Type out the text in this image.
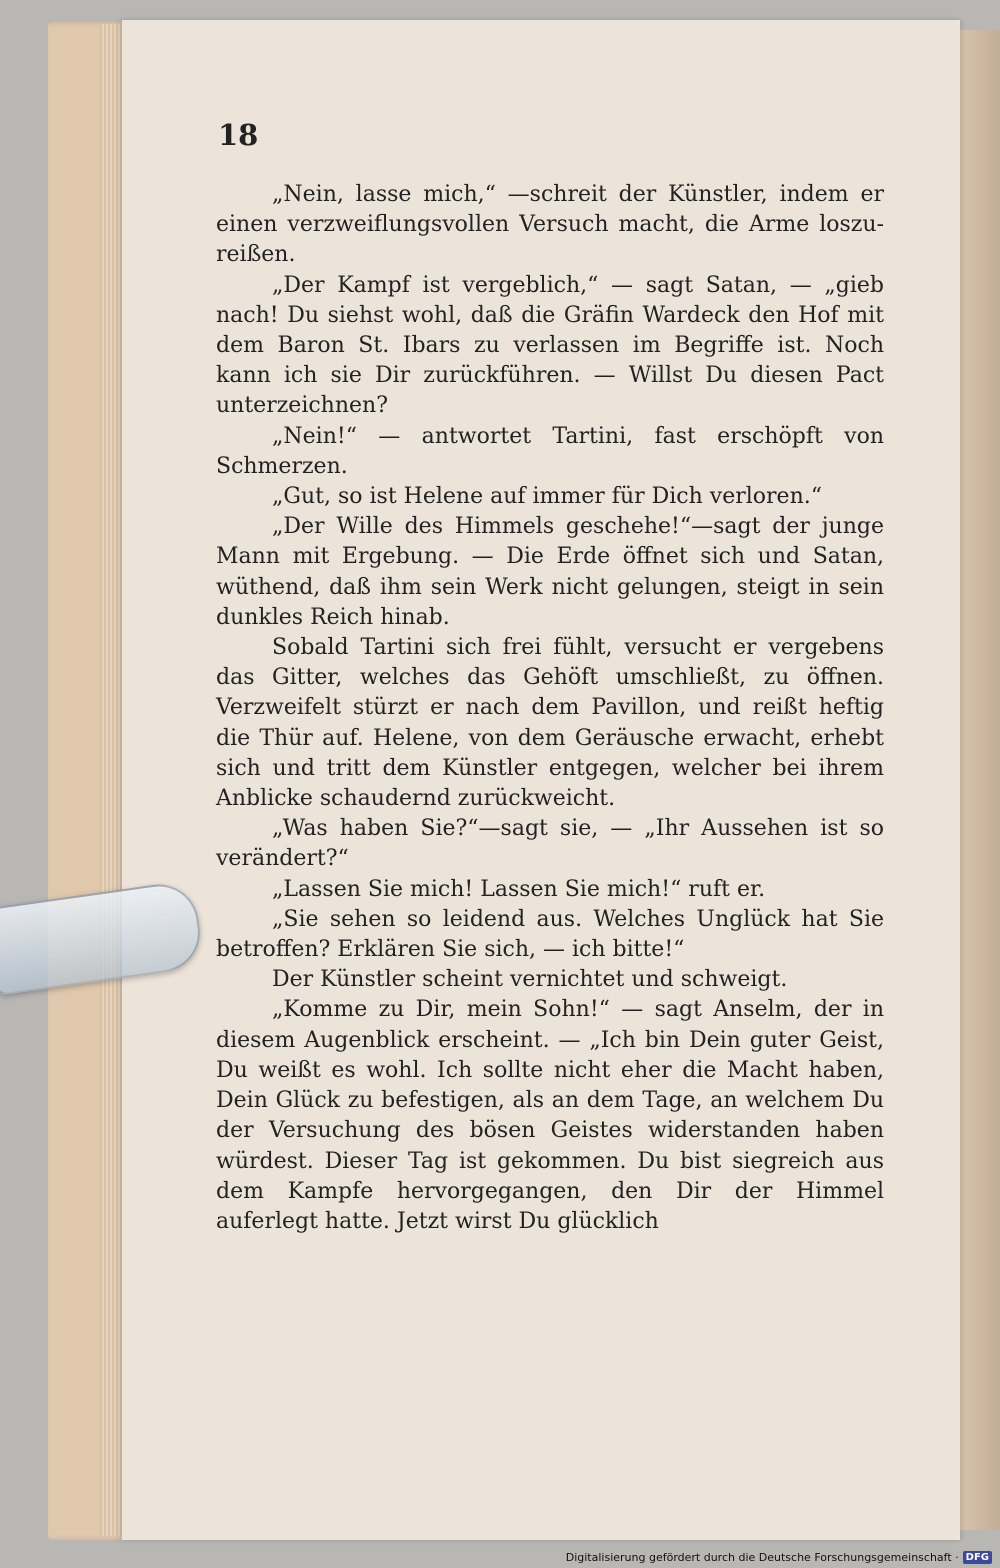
18

„Nein, lasse mich,“ —schreit der Künstler, indem er einen verzweiflungsvollen Versuch macht, die Arme loszu-reißen.

„Der Kampf ist vergeblich,“ — sagt Satan, — „gieb nach! Du siehst wohl, daß die Gräfin Wardeck den Hof mit dem Baron St. Ibars zu verlassen im Begriffe ist. Noch kann ich sie Dir zurückführen. — Willst Du diesen Pact unterzeichnen?

„Nein!“ — antwortet Tartini, fast erschöpft von Schmerzen.

„Gut, so ist Helene auf immer für Dich verloren.“

„Der Wille des Himmels geschehe!“—sagt der junge Mann mit Ergebung. — Die Erde öffnet sich und Satan, wüthend, daß ihm sein Werk nicht gelungen, steigt in sein dunkles Reich hinab.

Sobald Tartini sich frei fühlt, versucht er vergebens das Gitter, welches das Gehöft umschließt, zu öffnen. Verzweifelt stürzt er nach dem Pavillon, und reißt heftig die Thür auf. Helene, von dem Geräusche erwacht, erhebt sich und tritt dem Künstler entgegen, welcher bei ihrem Anblicke schaudernd zurückweicht.

„Was haben Sie?“—sagt sie, — „Ihr Aussehen ist so verändert?“

„Lassen Sie mich! Lassen Sie mich!“ ruft er.

„Sie sehen so leidend aus. Welches Unglück hat Sie betroffen? Erklären Sie sich, — ich bitte!“

Der Künstler scheint vernichtet und schweigt.

„Komme zu Dir, mein Sohn!“ — sagt Anselm, der in diesem Augenblick erscheint. — „Ich bin Dein guter Geist, Du weißt es wohl. Ich sollte nicht eher die Macht haben, Dein Glück zu befestigen, als an dem Tage, an welchem Du der Versuchung des bösen Geistes widerstanden haben würdest. Dieser Tag ist gekommen. Du bist siegreich aus dem Kampfe hervorgegangen, den Dir der Himmel auferlegt hatte. Jetzt wirst Du glücklich

Digitalisierung gefördert durch die Deutsche Forschungsgemeinschaft · DFG
